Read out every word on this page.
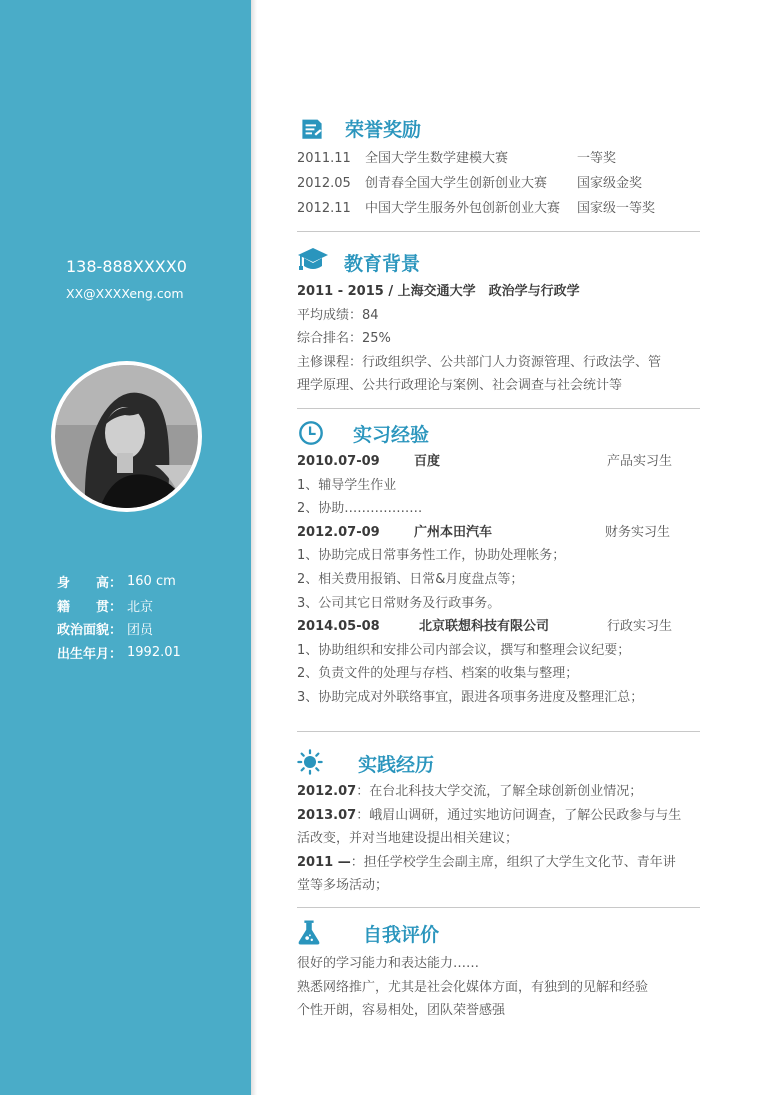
138-888XXXX0
XX@XXXXeng.com
身　　高： 160 cm
籍　　贯： 北京
政治面貌： 团员
出生年月： 1992.01
荣誉奖励
2011.11 全国大学生数学建模大赛	一等奖
2012.05 创青春全国大学生创新创业大赛 国家级金奖
2012.11 中国大学生服务外包创新创业大赛 国家级一等奖
教育背景
2011 - 2015 / 上海交通大学　政治学与行政学
平均成绩：84
综合排名：25%
主修课程：行政组织学、公共部门人力资源管理、行政法学、管
理学原理、公共行政理论与案例、社会调查与社会统计等
实习经验
2010.07-09	百度	产品实习生
1、辅导学生作业
2、协助………………
2012.07-09	广州本田汽车	财务实习生
1、协助完成日常事务性工作，协助处理帐务；
2、相关费用报销、日常&月度盘点等；
3、公司其它日常财务及行政事务。
2014.05-08	北京联想科技有限公司	行政实习生
1、协助组织和安排公司内部会议，撰写和整理会议纪要；
2、负责文件的处理与存档、档案的收集与整理；
3、协助完成对外联络事宜，跟进各项事务进度及整理汇总；
实践经历
2012.07：在台北科技大学交流，了解全球创新创业情况；
2013.07：峨眉山调研，通过实地访问调查，了解公民政参与与生
活改变，并对当地建设提出相关建议；
2011 —：担任学校学生会副主席，组织了大学生文化节、青年讲
堂等多场活动；
自我评价
很好的学习能力和表达能力……
熟悉网络推广，尤其是社会化媒体方面，有独到的见解和经验
个性开朗，容易相处，团队荣誉感强
